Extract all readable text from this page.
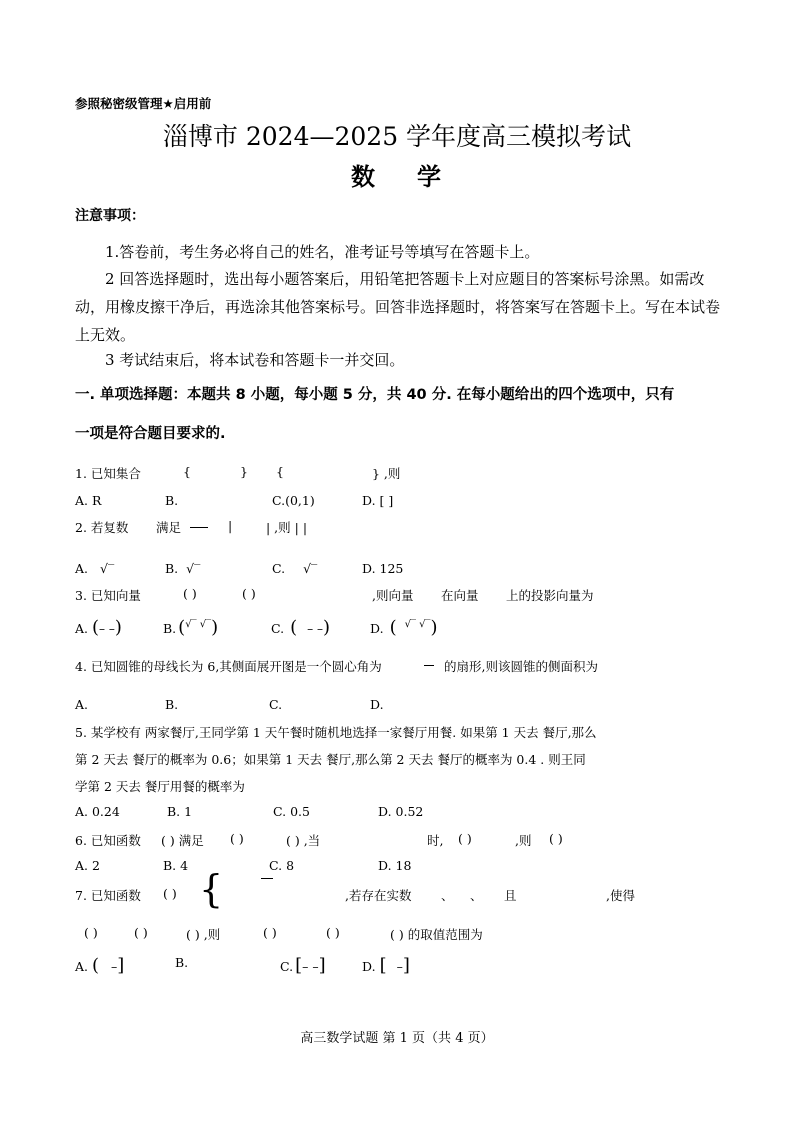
参照秘密级管理★启用前
淄博市 2024—2025 学年度高三模拟考试
数 学
注意事项：
1.答卷前，考生务必将自己的姓名，准考证号等填写在答题卡上。
2 回答选择题时，选出每小题答案后，用铅笔把答题卡上对应题目的答案标号涂黑。如需改动，用橡皮擦干净后，再选涂其他答案标号。回答非选择题时，将答案写在答题卡上。写在本试卷上无效。
3 考试结束后，将本试卷和答题卡一并交回。
一. 单项选择题：本题共 8 小题，每小题 5 分，共 40 分. 在每小题给出的四个选项中，只有
一项是符合题目要求的.
1. 已知集合	{	} {	} ,则
A. R	B.	C.(0,1)	D. [ ]
2. 若复数 满足	|	| ,则 | |
A. √‾	B. √‾	C. √‾	D. 125
3. 已知向量	( )	( )	,则向量 在向量 上的投影向量为
A. (– –)	B. (√‾ √‾)	C. ( – –)	D. ( √‾ √‾)
4. 已知圆锥的母线长为 6,其侧面展开图是一个圆心角为	的扇形,则该圆锥的侧面积为
A.	B.	C.	D.
5. 某学校有 两家餐厅,王同学第 1 天午餐时随机地选择一家餐厅用餐. 如果第 1 天去 餐厅,那么
第 2 天去 餐厅的概率为 0.6；如果第 1 天去 餐厅,那么第 2 天去 餐厅的概率为 0.4 . 则王同
学第 2 天去 餐厅用餐的概率为
A. 0.24	B. 1	C. 0.5	D. 0.52
6. 已知函数 ( ) 满足 ( )	( ) ,当	时, ( )	,则 ( )
A. 2	B. 4	C. 8	D. 18
7. 已知函数 ( ) {	,若存在实数 、 、 且	,使得
( )	( )	( ) ,则	( )	( )	( ) 的取值范围为
A. ( –]	B.	C. [– –]	D. [ –]
高三数学试题 第 1 页（共 4 页）
